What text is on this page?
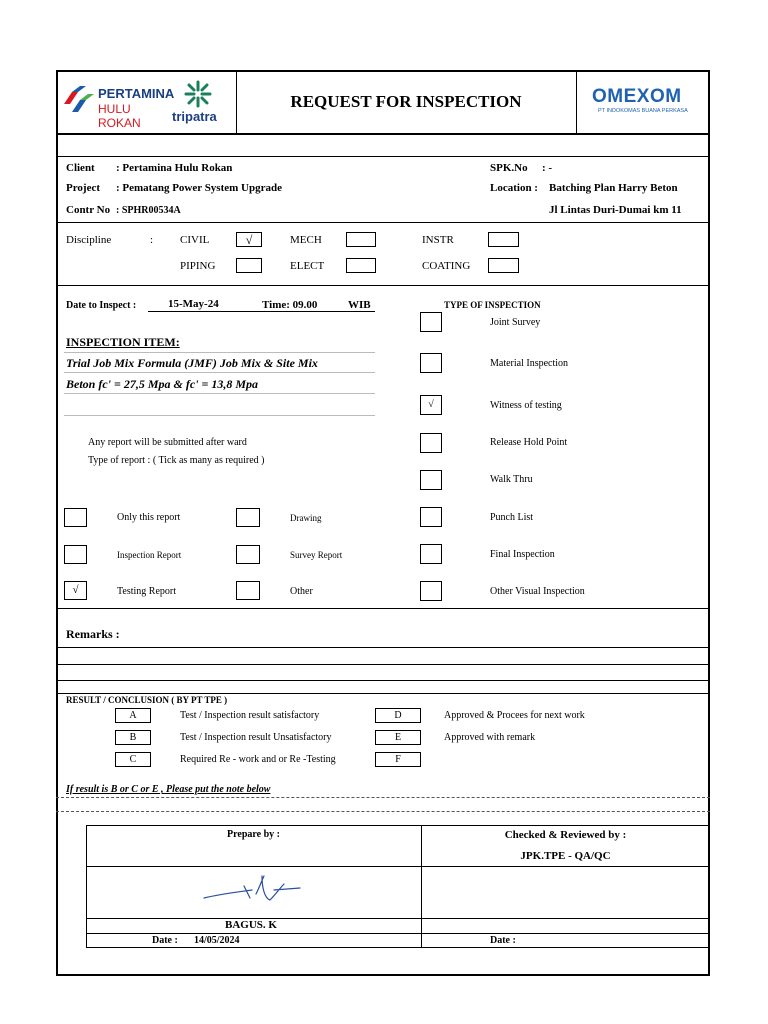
PERTAMINA
HULU ROKAN	tripatra
REQUEST FOR INSPECTION	OMEXOM
PT INDOKOMAS BUANA PERKASA
Client : Pertamina Hulu Rokan
Project : Pematang Power System Upgrade
Contr No : SPHR00534A
SPK.No : -
Location : Batching Plan Harry Beton
Jl Lintas Duri-Dumai km 11
Discipline	: CIVIL	√	MECH	INSTR
PIPING	ELECT	COATING
Date to Inspect :	15-May-24	Time: 09.00	WIB
INSPECTION ITEM:
Trial Job Mix Formula (JMF) Job Mix & Site Mix
Beton fc' = 27,5 Mpa & fc' = 13,8 Mpa
Any report will be submitted after ward
Type of report : ( Tick as many as required )
Only this report	Drawing
Inspection Report	Survey Report
√	Testing Report	Other
TYPE OF INSPECTION
Joint Survey
Material Inspection
√	Witness of testing
Release Hold Point
Walk Thru
Punch List
Final Inspection
Other Visual Inspection
Remarks :
RESULT / CONCLUSION ( BY PT TPE )
A	Test / Inspection result satisfactory
B	Test / Inspection result Unsatisfactory
C	Required Re - work and or Re -Testing
D	Approved & Procees for next work
E	Approved with remark
F
If result is B or C or E , Please put the note below
Prepare by :	Checked & Reviewed by :
JPK.TPE - QA/QC
BAGUS. K
Date : 14/05/2024	Date :
